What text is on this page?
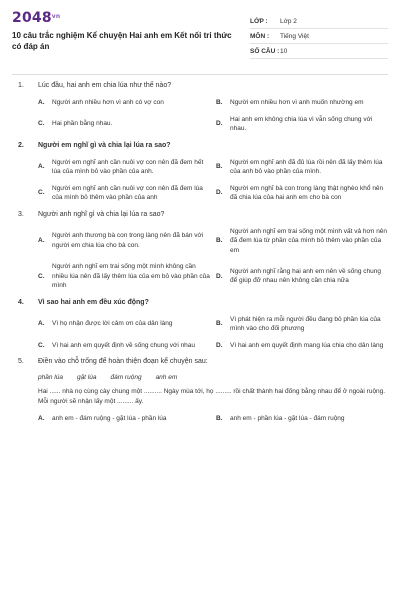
$2048^{vn}$
10 câu trắc nghiệm Kể chuyện Hai anh em Kết nối tri thức có đáp án
LỚP :	Lớp 2
MÔN :	Tiếng Việt
SỐ CÂU : 10
1.	Lúc đầu, hai anh em chia lúa như thế nào?
A.	Người anh nhiều hơn vì anh có vợ con	B.	Người em nhiều hơn vì anh muốn nhường em
C.	Hai phần bằng nhau.	D.
Hai anh em không chia lúa vì vẫn sống chung với nhau.
2.	Người em nghĩ gì và chia lại lúa ra sao?
A.
Người em nghĩ anh cần nuôi vợ con nên đã đem hết lúa của mình bỏ vào phần của anh.
B.
Người em nghĩ anh đã đủ lúa rồi nên đã lấy thêm lúa của anh bỏ vào phần của mình.
C.
Người em nghĩ anh cần nuôi vợ con nên đã đem lúa của mình bỏ thêm vào phần của anh
D.
Người em nghĩ bà con trong làng thật nghèo khổ nên đã chia lúa của hai anh em cho bà con
3.	Người anh nghĩ gì và chia lại lúa ra sao?
A.
Người anh thương bà con trong làng nên đã bán với người em chia lúa cho bà con.
B.
Người anh nghĩ em trai sống một mình vất vả hơn nên đã đem lúa từ phần của mình bỏ thêm vào phần của em
C.
Người anh nghĩ em trai sống một mình không cần nhiều lúa nên đã lấy thêm lúa của em bỏ vào phần của mình
D.
Người anh nghĩ rằng hai anh em nên về sống chung để giúp đỡ nhau nên không cần chia nữa
4.	Vì sao hai anh em đều xúc động?
A.	Vì họ nhận được lời cảm ơn của dân làng	B.
Vì phát hiện ra mỗi người đều đang bỏ phần lúa của mình vào cho đối phương
C.	Vì hai anh em quyết định về sống chung với nhau	D.	Vì hai anh em quyết định mang lúa chia cho dân làng
5.	Điền vào chỗ trống để hoàn thiện đoạn kể chuyện sau:
phần lúa gặt lúa đám ruộng anh em
Hai ...... nhà nọ cùng cày chung một .......... Ngày mùa tới, họ ......... rồi chất thành hai đống bằng nhau để ở ngoài ruộng. Mỗi người sẽ nhận lấy một ......... ấy.
A.	anh em - đám ruộng - gặt lúa - phần lúa	B.	anh em - phần lúa - gặt lúa - đám ruộng
